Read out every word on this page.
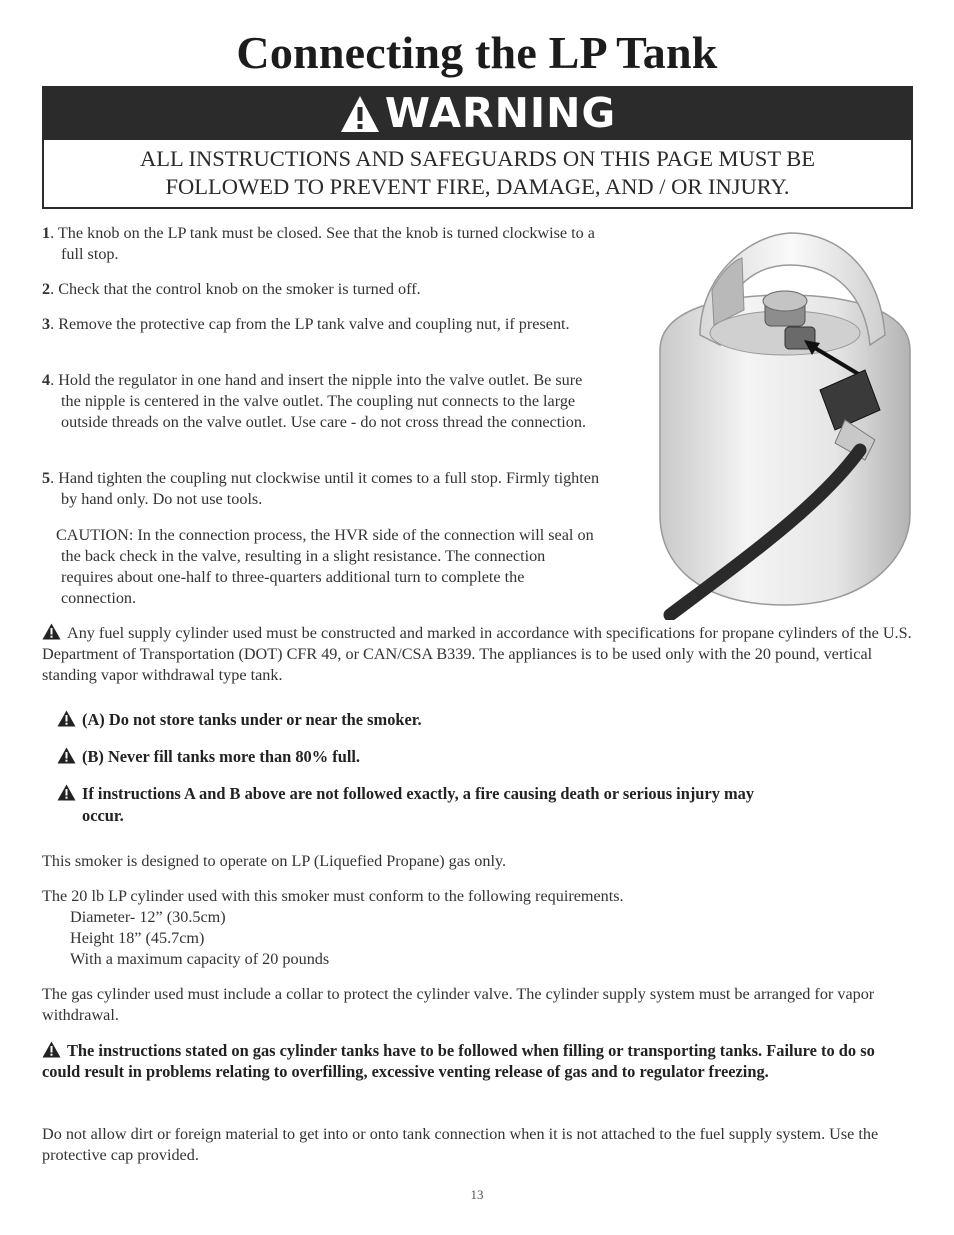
Connecting the LP Tank
WARNING
ALL INSTRUCTIONS AND SAFEGUARDS ON THIS PAGE MUST BE
FOLLOWED TO PREVENT FIRE, DAMAGE, AND / OR INJURY.

1. The knob on the LP tank must be closed. See that the knob is turned clockwise to a full stop.

2. Check that the control knob on the smoker is turned off.

3. Remove the protective cap from the LP tank valve and coupling nut, if present.

4. Hold the regulator in one hand and insert the nipple into the valve outlet. Be sure the nipple is centered in the valve outlet. The coupling nut connects to the large outside threads on the valve outlet. Use care - do not cross thread the connection.

5. Hand tighten the coupling nut clockwise until it comes to a full stop. Firmly tighten by hand only. Do not use tools.

CAUTION: In the connection process, the HVR side of the connection will seal on the back check in the valve, resulting in a slight resistance. The connection requires about one-half to three-quarters additional turn to complete the connection.

Any fuel supply cylinder used must be constructed and marked in accordance with specifications for propane cylinders of the U.S. Department of Transportation (DOT) CFR 49, or CAN/CSA B339. The appliances is to be used only with the 20 pound, vertical standing vapor withdrawal type tank.

(A) Do not store tanks under or near the smoker.

(B) Never fill tanks more than 80% full.

If instructions A and B above are not followed exactly, a fire causing death or serious injury may occur.

This smoker is designed to operate on LP (Liquefied Propane) gas only.

The 20 lb LP cylinder used with this smoker must conform to the following requirements.

Diameter- 12” (30.5cm)

Height 18” (45.7cm)

With a maximum capacity of 20 pounds

The gas cylinder used must include a collar to protect the cylinder valve. The cylinder supply system must be arranged for vapor withdrawal.

The instructions stated on gas cylinder tanks have to be followed when filling or transporting tanks. Failure to do so could result in problems relating to overfilling, excessive venting release of gas and to regulator freezing.

Do not allow dirt or foreign material to get into or onto tank connection when it is not attached to the fuel supply system. Use the protective cap provided.

13
